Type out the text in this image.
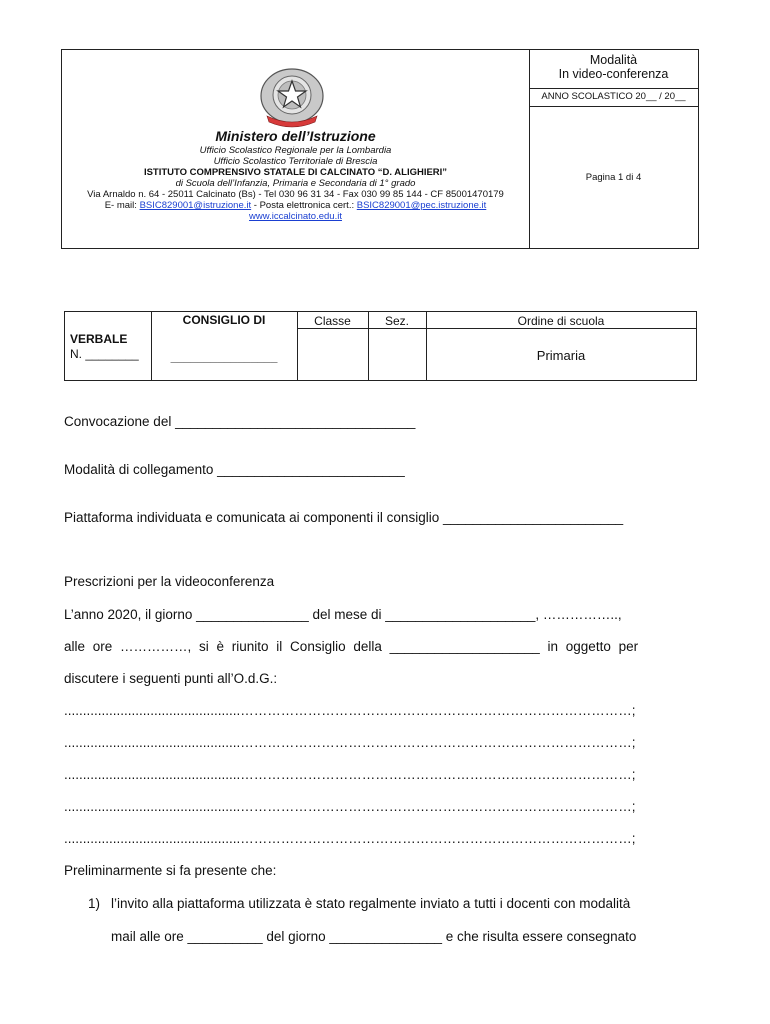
Ministero dell’Istruzione
Ufficio Scolastico Regionale per la Lombardia
Ufficio Scolastico Territoriale di Brescia
ISTITUTO COMPRENSIVO STATALE DI CALCINATO “D. ALIGHIERI”
di Scuola dell’Infanzia, Primaria e Secondaria di 1° grado
Via Arnaldo n. 64 - 25011 Calcinato (Bs) - Tel 030 96 31 34 - Fax 030 99 85 144 - CF 85001470179
E- mail: BSIC829001@istruzione.it - Posta elettronica cert.: BSIC829001@pec.istruzione.it
www.iccalcinato.edu.it
Modalità
In video-conferenza
ANNO SCOLASTICO 20__ / 20__
Pagina 1 di 4
VERBALE
N. ________
CONSIGLIO DI
________________
Classe	Sez.	Ordine di scuola
Primaria
Convocazione del ________________________________
Modalità di collegamento _________________________
Piattaforma individuata e comunicata ai componenti il consiglio ________________________
Prescrizioni per la videoconferenza
L’anno 2020, il giorno _______________ del mese di ____________________, ……………..,
alle ore ……………, si è riunito il Consiglio della ____________________ in oggetto per
discutere i seguenti punti all’O.d.G.:
...............................................……………………………………………………………………………;
...............................................……………………………………………………………………………;
...............................................……………………………………………………………………………;
...............................................……………………………………………………………………………;
...............................................……………………………………………………………………………;
Preliminarmente si fa presente che:
1) l’invito alla piattaforma utilizzata è stato regalmente inviato a tutti i docenti con modalità
mail alle ore __________ del giorno _______________ e che risulta essere consegnato
